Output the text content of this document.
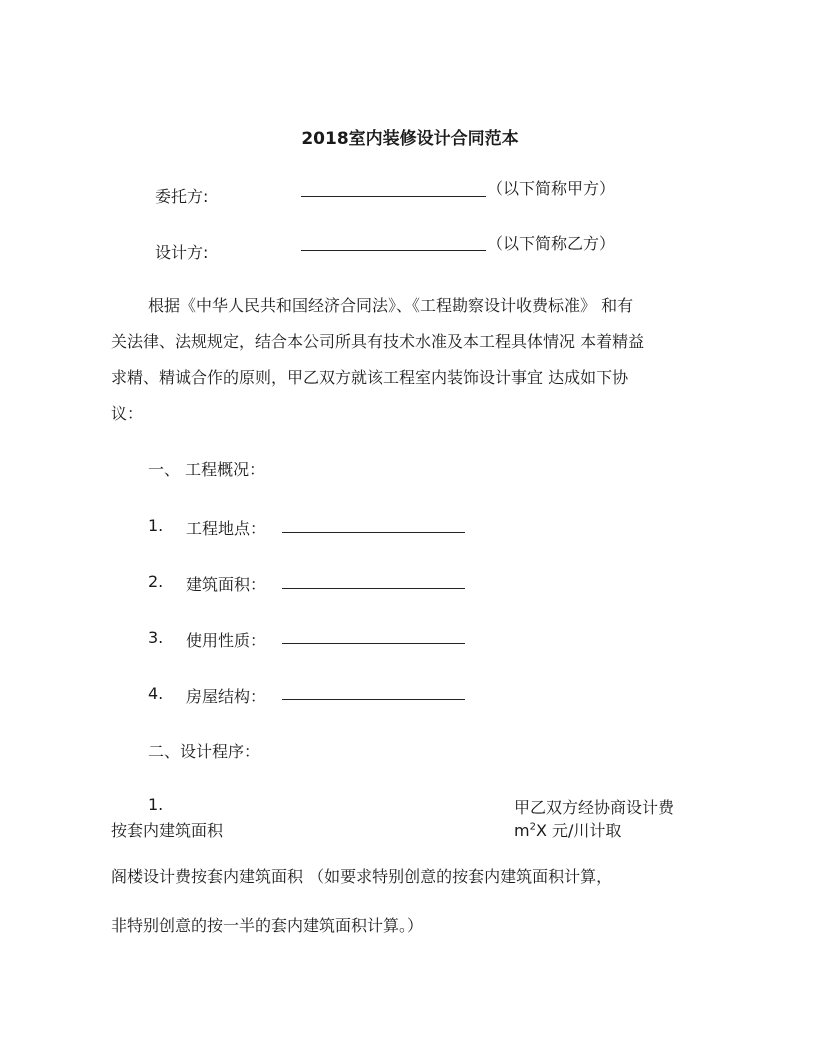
2018室内装修设计合同范本
委托方:	（以下简称甲方）
设计方:	（以下简称乙方）
根据《中华人民共和国经济合同法》、《工程勘察设计收费标准》 和有
关法律、法规规定，结合本公司所具有技术水准及本工程具体情况 本着精益
求精、精诚合作的原则，甲乙双方就该工程室内装饰设计事宜 达成如下协
议：
一、 工程概况：
1. 工程地点：
2. 建筑面积：
3. 使用性质：
4. 房屋结构：
二、设计程序：
1.	甲乙双方经协商设计费
按套内建筑面积	$m^2X$ 元/川计取
阁楼设计费按套内建筑面积 （如要求特别创意的按套内建筑面积计算，
非特别创意的按一半的套内建筑面积计算。）
